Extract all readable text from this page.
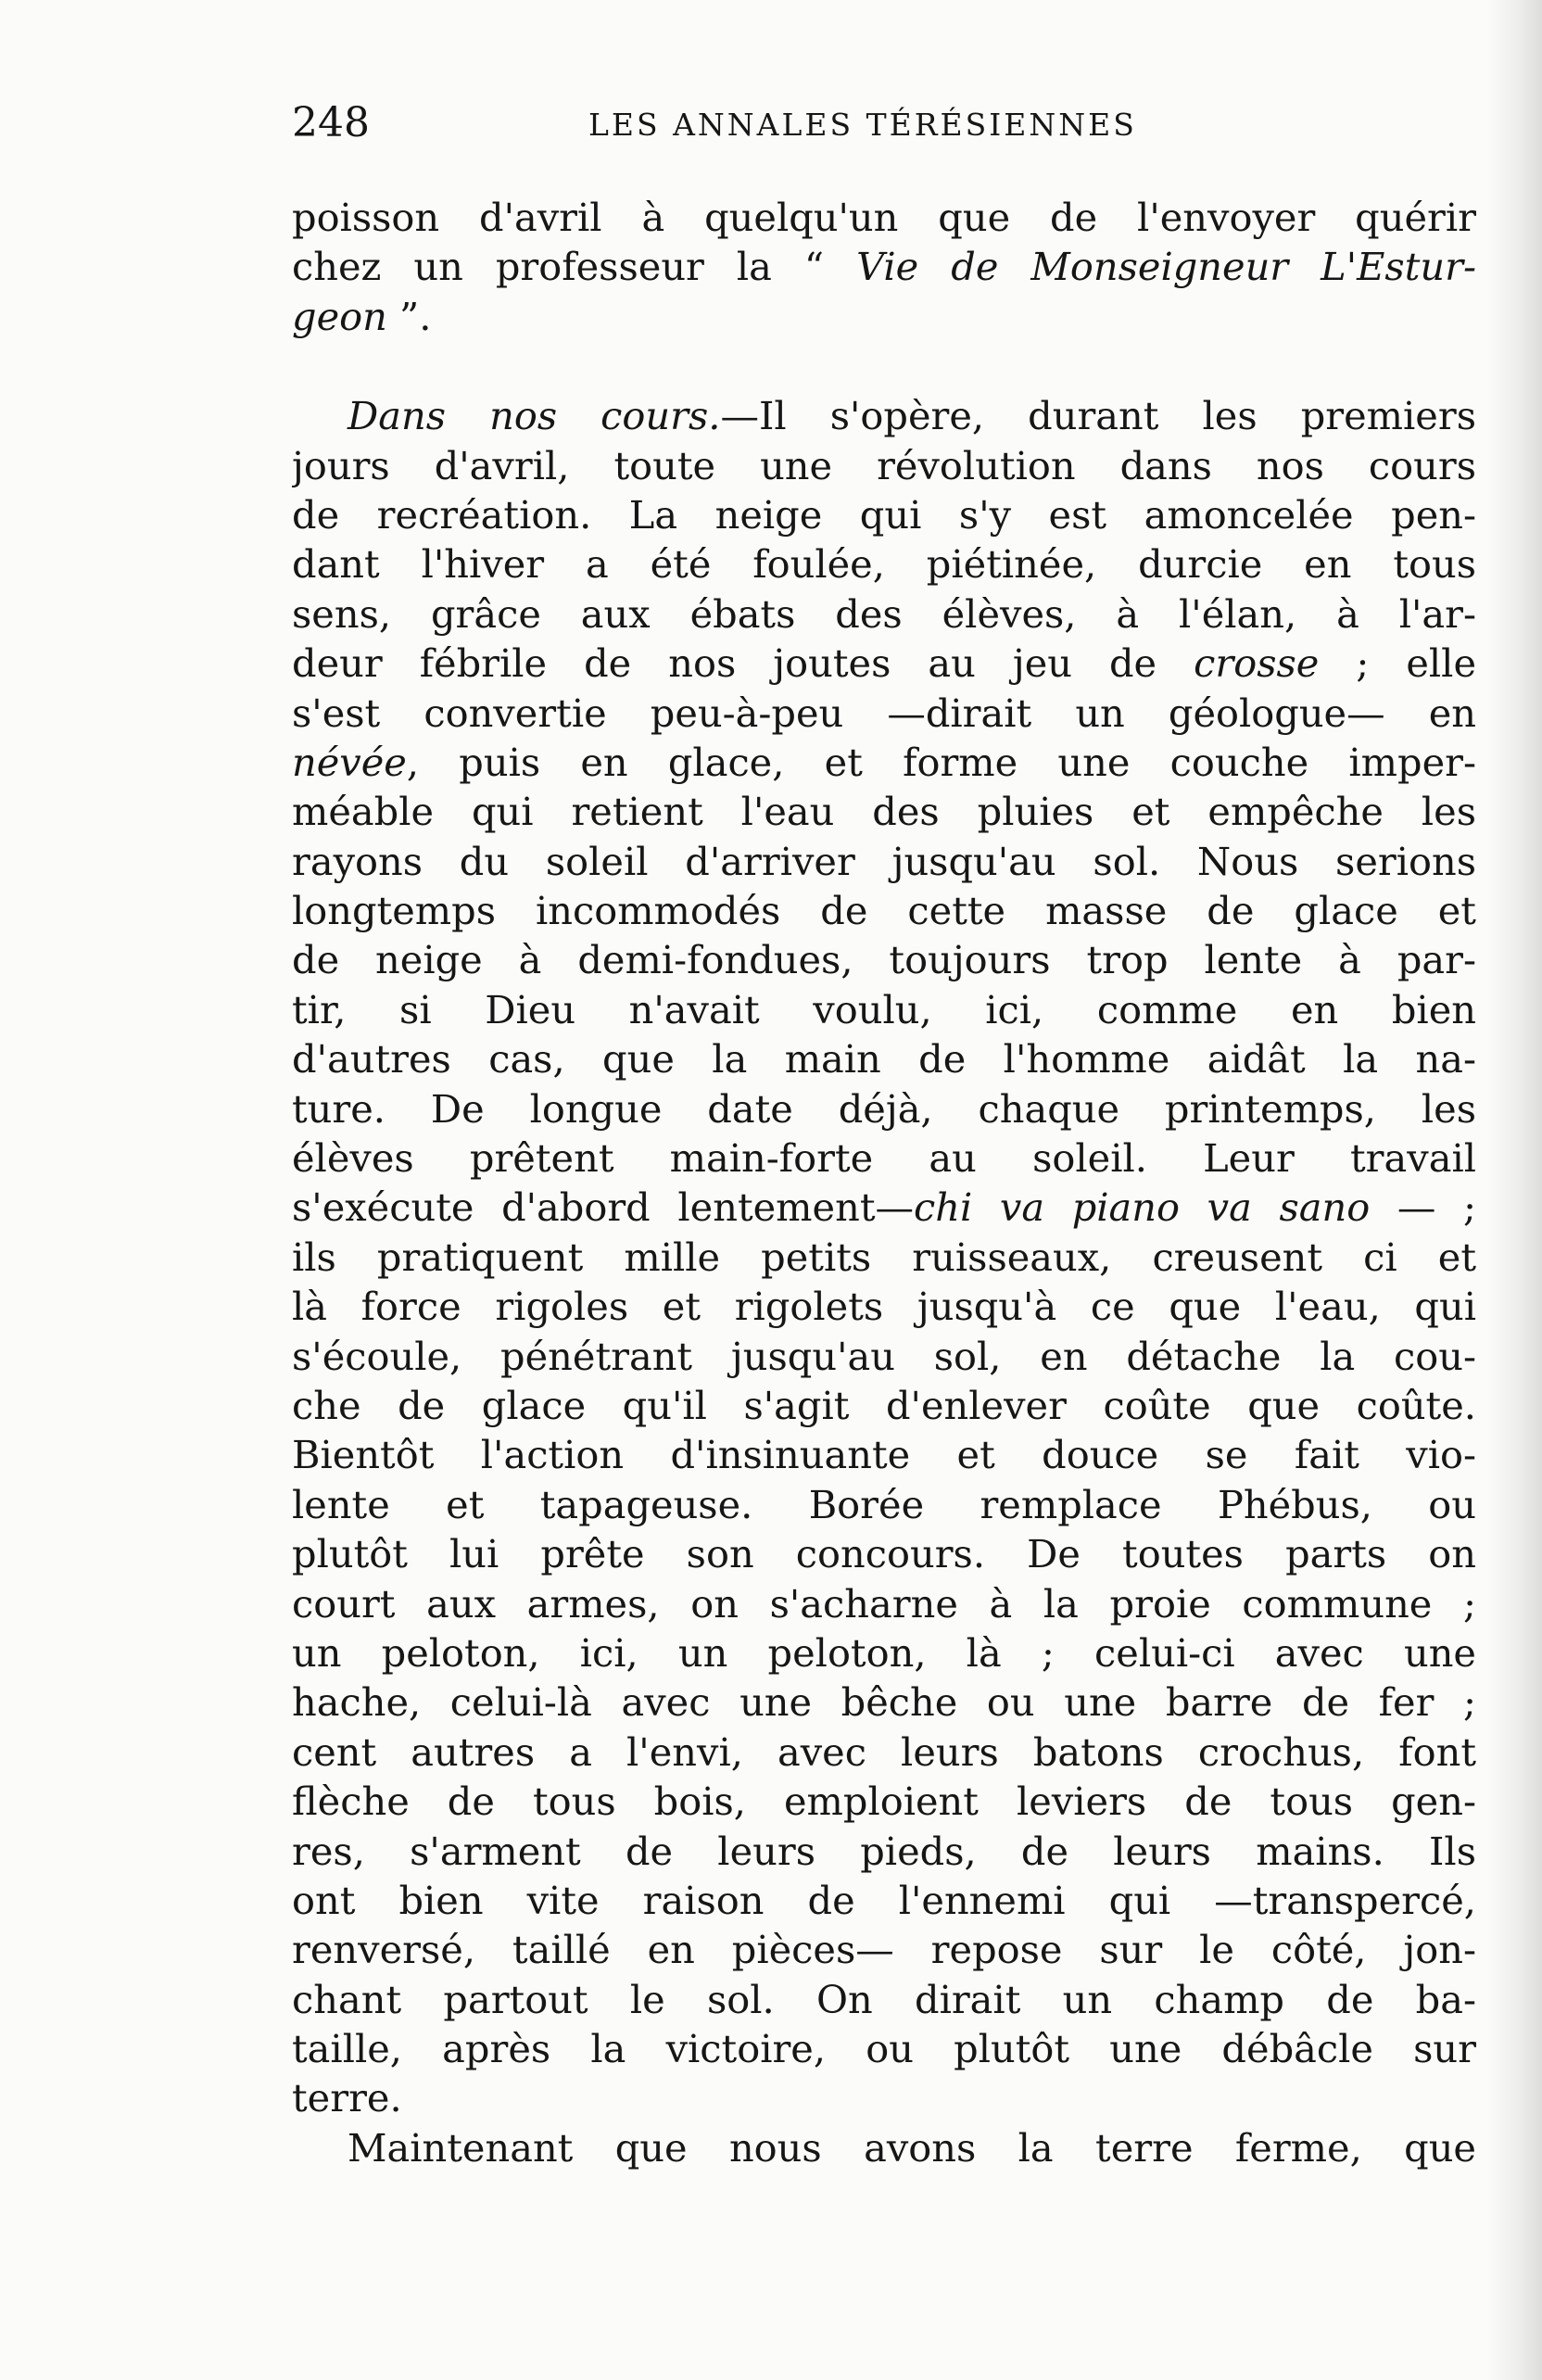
248	LES ANNALES TÉRÉSIENNES
poisson d'avril à quelqu'un que de l'envoyer quérir
chez un professeur la “ Vie de Monseigneur L'Estur-
geon ”.
Dans nos cours.—Il s'opère, durant les premiers
jours d'avril, toute une révolution dans nos cours
de recréation. La neige qui s'y est amoncelée pen-
dant l'hiver a été foulée, piétinée, durcie en tous
sens, grâce aux ébats des élèves, à l'élan, à l'ar-
deur fébrile de nos joutes au jeu de crosse ; elle
s'est convertie peu-à-peu —dirait un géologue— en
névée, puis en glace, et forme une couche imper-
méable qui retient l'eau des pluies et empêche les
rayons du soleil d'arriver jusqu'au sol. Nous serions
longtemps incommodés de cette masse de glace et
de neige à demi-fondues, toujours trop lente à par-
tir, si Dieu n'avait voulu, ici, comme en bien
d'autres cas, que la main de l'homme aidât la na-
ture. De longue date déjà, chaque printemps, les
élèves prêtent main-forte au soleil. Leur travail
s'exécute d'abord lentement—chi va piano va sano — ;
ils pratiquent mille petits ruisseaux, creusent ci et
là force rigoles et rigolets jusqu'à ce que l'eau, qui
s'écoule, pénétrant jusqu'au sol, en détache la cou-
che de glace qu'il s'agit d'enlever coûte que coûte.
Bientôt l'action d'insinuante et douce se fait vio-
lente et tapageuse. Borée remplace Phébus, ou
plutôt lui prête son concours. De toutes parts on
court aux armes, on s'acharne à la proie commune ;
un peloton, ici, un peloton, là ; celui-ci avec une
hache, celui-là avec une bêche ou une barre de fer ;
cent autres a l'envi, avec leurs batons crochus, font
flèche de tous bois, emploient leviers de tous gen-
res, s'arment de leurs pieds, de leurs mains. Ils
ont bien vite raison de l'ennemi qui —transpercé,
renversé, taillé en pièces— repose sur le côté, jon-
chant partout le sol. On dirait un champ de ba-
taille, après la victoire, ou plutôt une débâcle sur
terre.
Maintenant que nous avons la terre ferme, que
